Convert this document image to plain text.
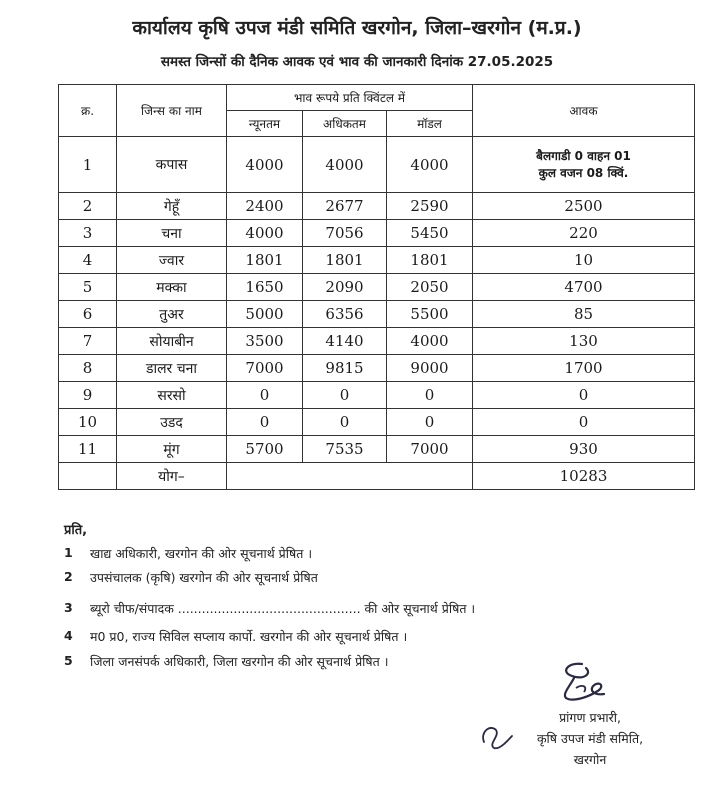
कार्यालय कृषि उपज मंडी समिति खरगोन, जिला–खरगोन (म.प्र.)
समस्त जिन्सों की दैनिक आवक एवं भाव की जानकारी दिनांक 27.05.2025
क्र.	जिन्स का नाम	भाव रूपये प्रति क्विंटल में			आवक
		न्यूनतम	अधिकतम	मॉडल	
1	कपास	4000	4000	4000	बैलगाडी 0 वाहन 01
कुल वजन 08 क्विं.

2	गेहूँ	2400	2677	2590	2500
3	चना	4000	7056	5450	220
4	ज्वार	1801	1801	1801	10
5	मक्का	1650	2090	2050	4700
6	तुअर	5000	6356	5500	85
7	सोयाबीन	3500	4140	4000	130
8	डालर चना	7000	9815	9000	1700
9	सरसो	0	0	0	0
10	उडद	0	0	0	0
11	मूंग	5700	7535	7000	930
	योग–				10283
प्रति,
1 खाद्य अधिकारी, खरगोन की ओर सूचनार्थ प्रेषित ।
2 उपसंचालक (कृषि) खरगोन की ओर सूचनार्थ प्रेषित
3 ब्यूरो चीफ/संपादक .............................................. की ओर सूचनार्थ प्रेषित ।
4 म0 प्र0, राज्य सिविल सप्लाय कार्पो. खरगोन की ओर सूचनार्थ प्रेषित ।
5 जिला जनसंपर्क अधिकारी, जिला खरगोन की ओर सूचनार्थ प्रेषित ।
प्रांगण प्रभारी,
कृषि उपज मंडी समिति,
खरगोन
